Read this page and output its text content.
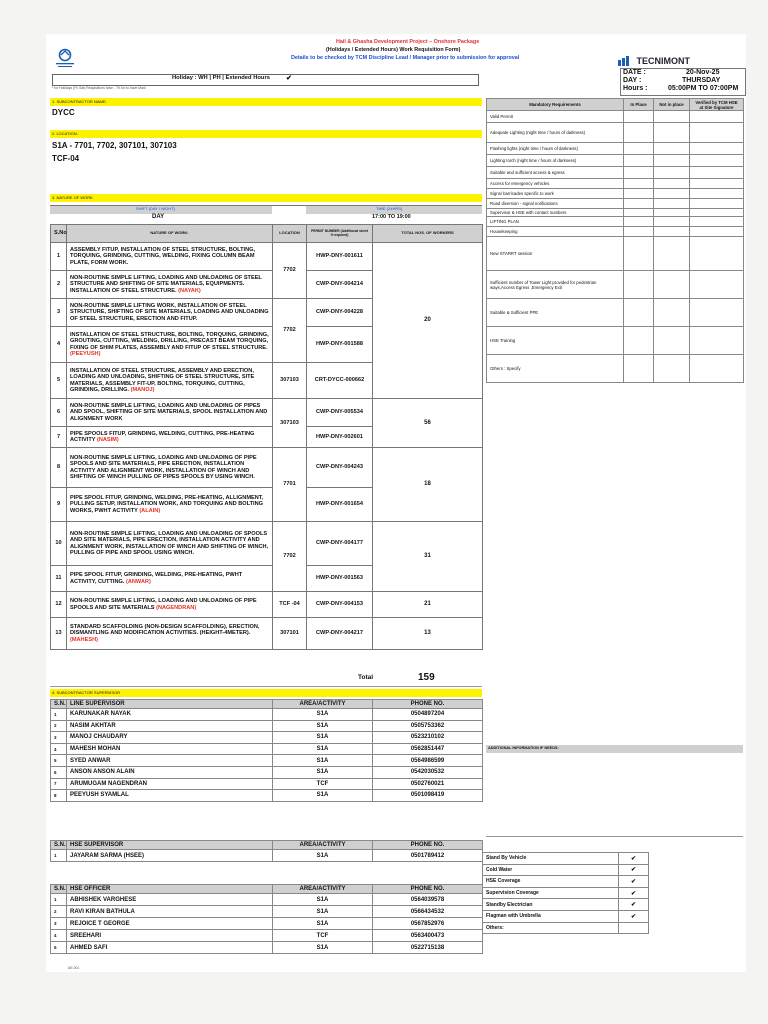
Hail & Ghasha Development Project – Onshore Package
(Holidays / Extended Hours) Work Requisition Form)
Details to be checked by TCM Discipline Lead / Manager prior to submission for approval	TECNIMONT
DATE :	20-Nov-25
DAY :	THURSDAY
Hours :	05:00PM TO 07:00PM
Holiday : WH | PH | Extended Hours ✔
* for Holidays (Fri Sat) Requisitions have - TK for to have Mark
1. SUBCONTRACTOR NAME:
DYCC
2. LOCATION:
S1A - 7701, 7702, 307101, 307103
TCF-04
3. NATURE OF WORK
SHIFT (DAY / NIGHT)
DAY
TIME (24HRS)
17:00 TO 19:00
S.No	NATURE OF WORK:	LOCATION	PERMIT NUMBER (Additional sheet if required)	TOTAL NOS. OF WORKERS
1	ASSEMBLY FITUP, INSTALLATION OF STEEL STRUCTURE, BOLTING, TORQUING, GRINDING, CUTTING, WELDING, FIXING COLUMN BEAM PLATE, FORM WORK.	7702	HWP-DNY-001611	20
2	NON-ROUTINE SIMPLE LIFTING, LOADING AND UNLOADING OF STEEL STRUCTURE AND SHIFTING OF SITE MATERIALS, EQUIPMENTS. INSTALLATION OF STEEL STRUCTURE. (NAYAK)		CWP-DNY-004214	
3	NON-ROUTINE SIMPLE LIFTING WORK, INSTALLATION OF STEEL STRUCTURE, SHIFTING OF SITE MATERIALS, LOADING AND UNLOADING OF STEEL STRUCTURE, ERECTION AND FITUP.	7702	CWP-DNY-004228	
4	INSTALLATION OF STEEL STRUCTURE, BOLTING, TORQUING, GRINDING, GROUTING, CUTTING, WELDING, DRILLING, PRECAST BEAM TORQUING, FIXING OF SHIM PLATES, ASSEMBLY AND FITUP OF STEEL STRUCTURE. (PEEYUSH)		HWP-DNY-001588	
5	INSTALLATION OF STEEL STRUCTURE, ASSEMBLY AND ERECTION, LOADING AND UNLOADING, SHIFTING OF STEEL STRUCTURE, SITE MATERIALS, ASSEMBLY FIT-UP, BOLTING, TORQUING, CUTTING, GRINDING, DRILLING. (MANOJ)	307103	CRT-DYCC-000662	
6	NON-ROUTINE SIMPLE LIFTING, LOADING AND UNLOADING OF PIPES AND SPOOL, SHIFTING OF SITE MATERIALS, SPOOL INSTALLATION AND ALIGNMENT WORK	307103	CWP-DNY-005534	56
7	PIPE SPOOLS FITUP, GRINDING, WELDING, CUTTING, PRE-HEATING ACTIVITY (NASIM)		HWP-DNY-002601	
8	NON-ROUTINE SIMPLE LIFTING, LOADING AND UNLOADING OF PIPE SPOOLS AND SITE MATERIALS, PIPE ERECTION, INSTALLATION ACTIVITY AND ALIGNMENT WORK, INSTALLATION OF WINCH AND SHIFTING OF WINCH PULLING OF PIPES SPOOLS BY USING WINCH.	7701	CWP-DNY-004243	18
9	PIPE SPOOL FITUP, GRINDING, WELDING, PRE-HEATING, ALLIGNMENT, PULLING SETUP, INSTALLATION WORK, AND TORQUING AND BOLTING WORKS, PWHT ACTIVITY (ALAIN)		HWP-DNY-001654	
10	NON-ROUTINE SIMPLE LIFTING, LOADING AND UNLOADING OF SPOOLS AND SITE MATERIALS, PIPE ERECTION, INSTALLATION ACTIVITY AND ALIGNMENT WORK, INSTALLATION OF WINCH AND SHIFTING OF WINCH, PULLING OF PIPE AND SPOOL USING WINCH.	7702	CWP-DNY-004177	31
11	PIPE SPOOL FITUP, GRINDING, WELDING, PRE-HEATING, PWHT ACTIVITY, CUTTING. (ANWAR)		HWP-DNY-001563	
12	NON-ROUTINE SIMPLE LIFTING, LOADING AND UNLOADING OF PIPE SPOOLS AND SITE MATERIALS (NAGENDRAN)	TCF -04	CWP-DNY-004153	21
13	STANDARD SCAFFOLDING (NON-DESIGN SCAFFOLDING), ERECTION, DISMANTLING AND MODIFICATION ACTIVITIES. (HEIGHT-4METER). (MAHESH)	307101	CWP-DNY-004217	13
Total	159
4. SUBCONTRACTOR SUPERVISOR
S.N.	LINE SUPERVISOR	AREA/ACTIVITY	PHONE NO.
1	KARUNAKAR NAYAK	S1A	0504897204
2	NASIM AKHTAR	S1A	0505753362
3	MANOJ CHAUDARY	S1A	0523210102
4	MAHESH MOHAN	S1A	0562851447
5	SYED ANWAR	S1A	0564986599
6	ANSON ANSON ALAIN	S1A	0542030532
7	ARUMUGAM NAGENDRAN	TCF	0502760021
8	PEEYUSH SYAMLAL	S1A	0501098419
S.N.	HSE SUPERVISOR	AREA/ACTIVITY	PHONE NO.
1	JAYARAM SARMA (HSEE)	S1A	0501789412
S.N.	HSE OFFICER	AREA/ACTIVITY	PHONE NO.
1	ABHISHEK VARGHESE	S1A	0564039578
2	RAVI KIRAN BATHULA	S1A	0566434532
3	REJOICE T GEORGE	S1A	0567852976
4	SREEHARI	TCF	0563400473
5	AHMED SAFI	S1A	0522715138
AE-001
Mandatory Requirements	In Place	Not in place	Verified by TCM HSE at Site Signature
Valid Permit			
Adequate Lighting (night time / hours of darkness)			
Flashing lights (night time / hours of darkness)			
Lighting torch (night time / hours of darkness)			
Suitable and sufficient access & egress			
Access for emergency vehicles			
Signs/ barricades specific to work			
Road diversion - signal notifications			
Supervisor & HSE with contact numbers			
LIFTING PLAN			
Housekeeping			
New STARRT session			
Sufficient number of Tower Light provided for pedestrian ways,Access Egress ,Emergency Exit			
Suitable & Sufficient PPE			
HSE Training			
Others : Specify			
ADDITIONAL INFORMATION IF NEEDS:
Stand By Vehicle	✔
Cold Water	✔
HSE Coverage	✔
Supervision Coverage	✔
Standby Electrician	✔
Flagman with Umbrella	✔
Others:	
